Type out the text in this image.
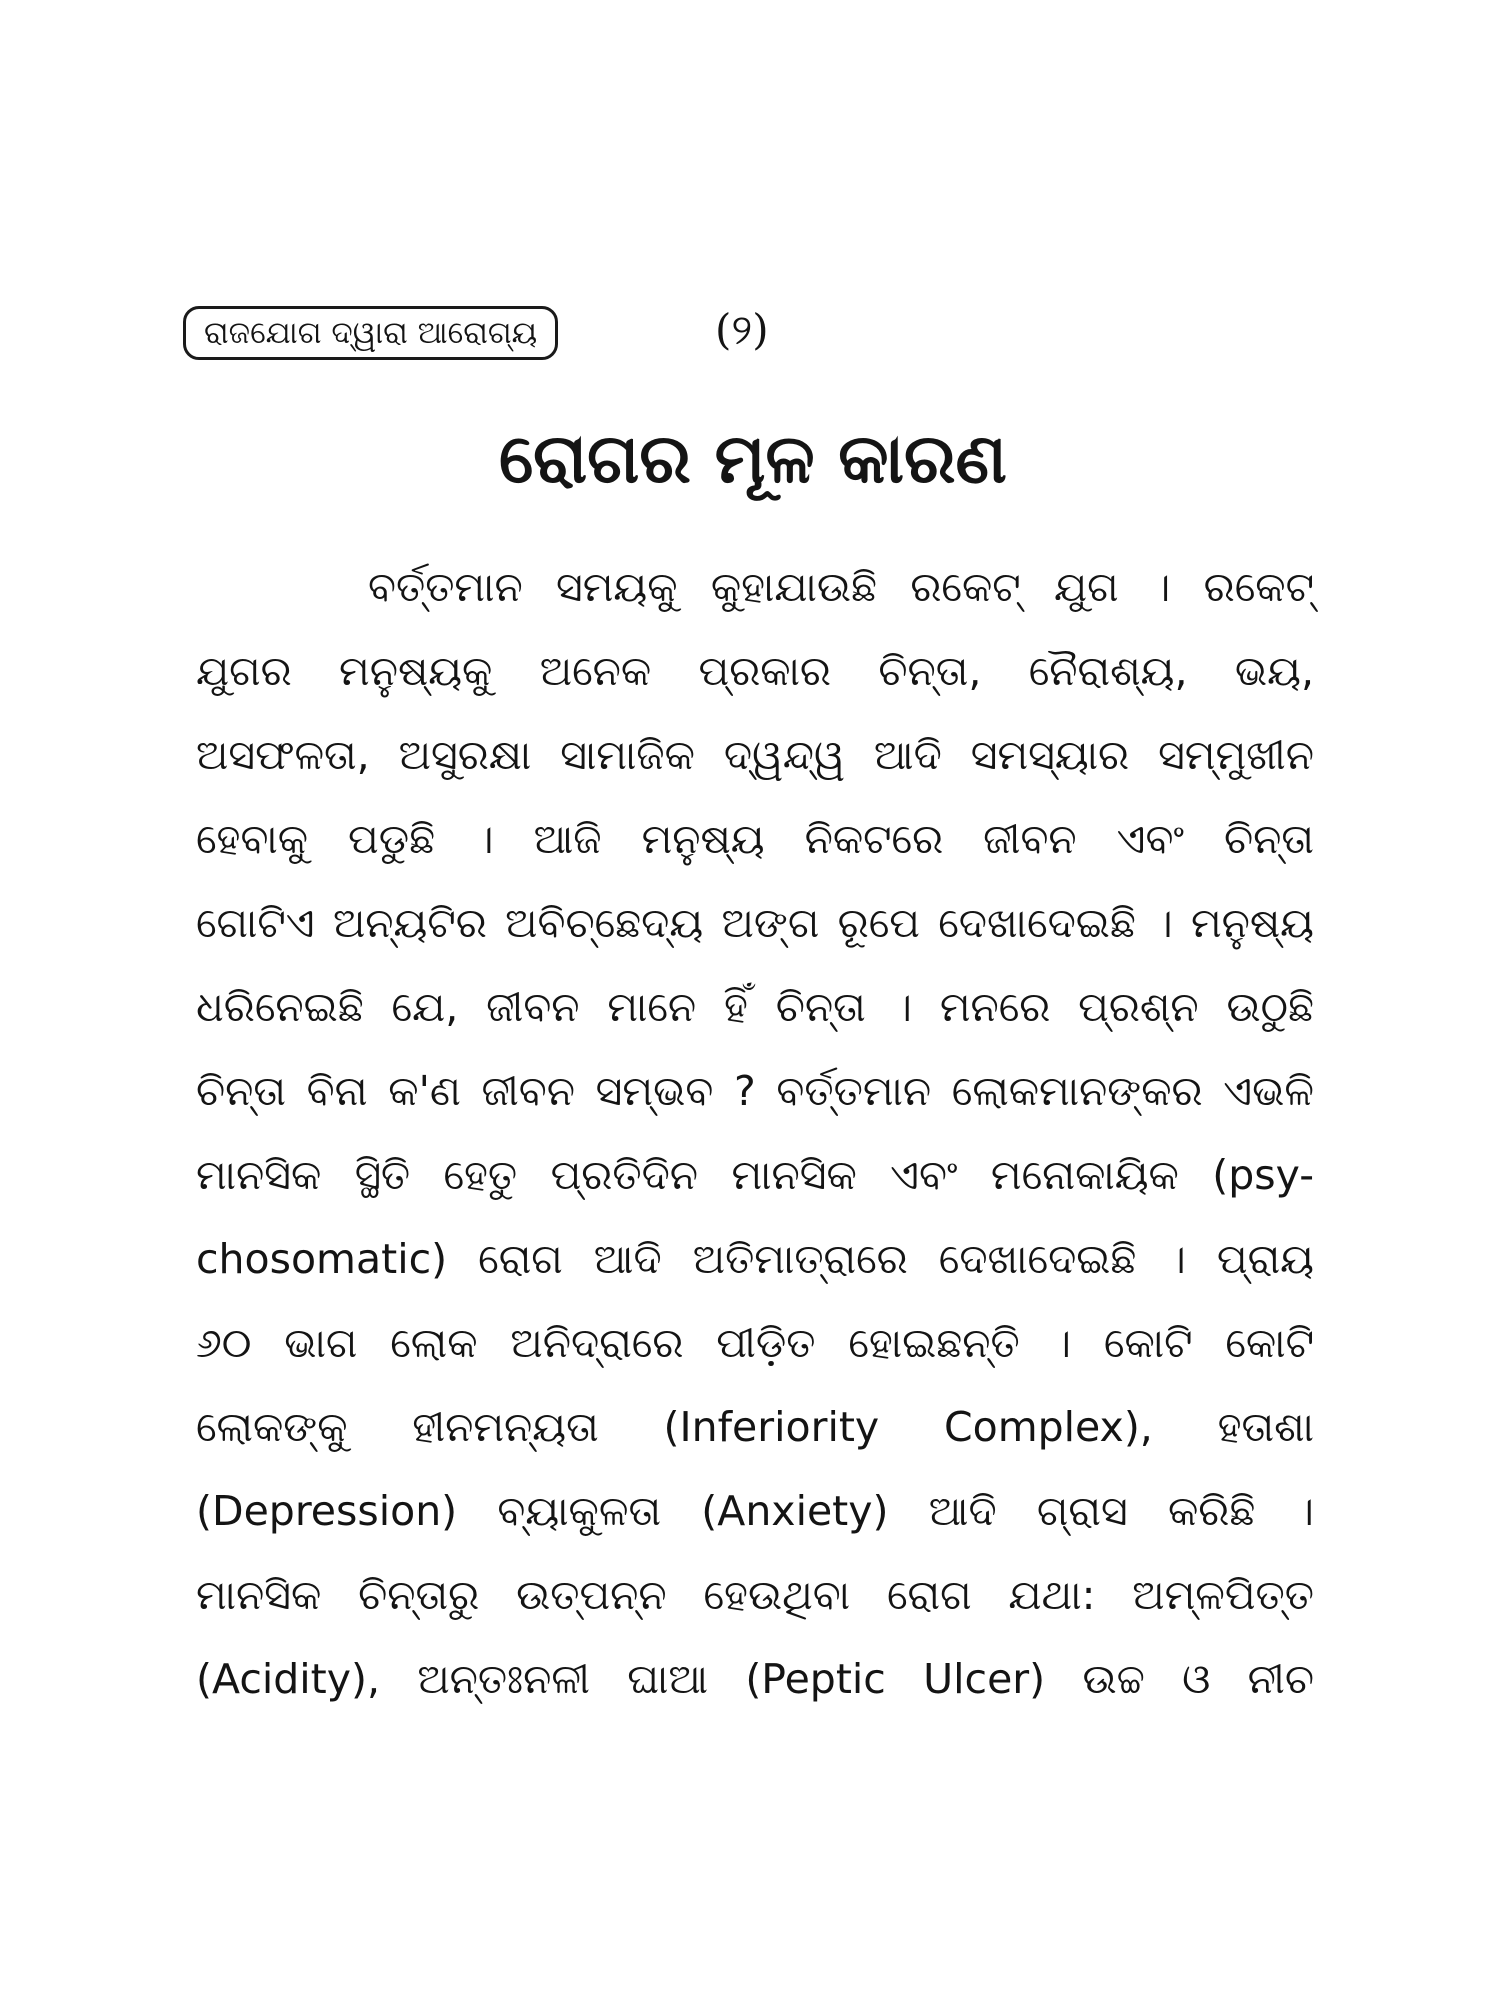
ରାଜଯୋଗ ଦ୍ୱାରା ଆରୋଗ୍ୟ	(୨)
ରୋଗର ମୂଳ କାରଣ
ବର୍ତ୍ତମାନ ସମୟକୁ କୁହାଯାଉଛି ରକେଟ୍ ଯୁଗ । ରକେଟ୍
ଯୁଗର ମନୁଷ୍ୟକୁ ଅନେକ ପ୍ରକାର ଚିନ୍ତା, ନୈରାଶ୍ୟ, ଭୟ,
ଅସଫଳତା, ଅସୁରକ୍ଷା ସାମାଜିକ ଦ୍ୱନ୍ଦ୍ୱ ଆଦି ସମସ୍ୟାର ସମ୍ମୁଖୀନ
ହେବାକୁ ପଡୁଛି । ଆଜି ମନୁଷ୍ୟ ନିକଟରେ ଜୀବନ ଏବଂ ଚିନ୍ତା
ଗୋଟିଏ ଅନ୍ୟଟିର ଅବିଚ୍ଛେଦ୍ୟ ଅଙ୍ଗ ରୂପେ ଦେଖାଦେଇଛି । ମନୁଷ୍ୟ
ଧରିନେଇଛି ଯେ, ଜୀବନ ମାନେ ହିଁ ଚିନ୍ତା । ମନରେ ପ୍ରଶ୍ନ ଉଠୁଛି
ଚିନ୍ତା ବିନା କ'ଣ ଜୀବନ ସମ୍ଭବ ? ବର୍ତ୍ତମାନ ଲୋକମାନଙ୍କର ଏଭଳି
ମାନସିକ ସ୍ଥିତି ହେତୁ ପ୍ରତିଦିନ ମାନସିକ ଏବଂ ମନୋକାୟିକ (psy-
chosomatic) ରୋଗ ଆଦି ଅତିମାତ୍ରାରେ ଦେଖାଦେଇଛି । ପ୍ରାୟ
୬୦ ଭାଗ ଲୋକ ଅନିଦ୍ରାରେ ପୀଡ଼ିତ ହୋଇଛନ୍ତି । କୋଟି କୋଟି
ଲୋକଙ୍କୁ ହୀନମନ୍ୟତା (Inferiority Complex), ହତାଶା
(Depression) ବ୍ୟାକୁଳତା (Anxiety) ଆଦି ଗ୍ରାସ କରିଛି ।
ମାନସିକ ଚିନ୍ତାରୁ ଉତ୍ପନ୍ନ ହେଉଥିବା ରୋଗ ଯଥା: ଅମ୍ଳପିତ୍ତ
(Acidity), ଅନ୍ତଃନଳୀ ଘାଆ (Peptic Ulcer) ଉଚ୍ଚ ଓ ନୀଚ
